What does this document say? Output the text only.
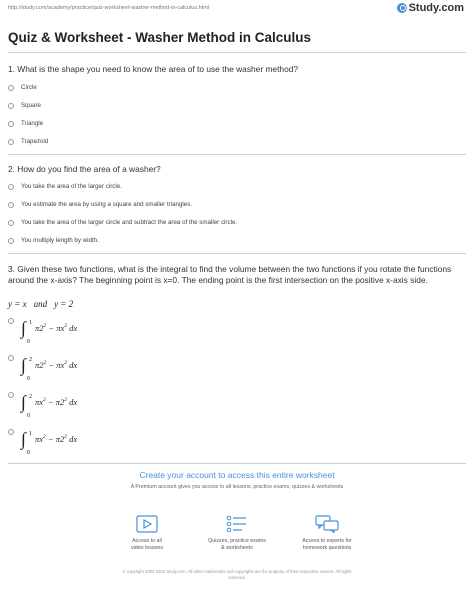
http://study.com/academy/practice/quiz-worksheet-washer-method-in-calculus.html	Study.com
Quiz & Worksheet - Washer Method in Calculus
1. What is the shape you need to know the area of to use the washer method?
Circle
Square
Triangle
Trapezoid
2. How do you find the area of a washer?
You take the area of the larger circle.
You estimate the area by using a square and smaller triangles.
You take the area of the larger circle and subtract the area of the smaller circle.
You multiply length by width.
3. Given these two functions, what is the integral to find the volume between the two functions if you rotate the functions around the x-axis? The beginning point is x=0. The ending point is the first intersection on the positive x-axis side.
y = x and y = 2
∫ 1
0
$\pi 2^2 - \pi x^2$ dx
∫ 2
0
$\pi 2^2 - \pi x^2$ dx
∫ 2
0
$\pi x^2 - \pi 2^2$ dx
∫ 1
0
$\pi x^2 - \pi 2^2$ dx
Create your account to access this entire worksheet
A Premium account gives you access to all lessons, practice exams, quizzes & worksheets
Access to all
video lessons
Quizzes, practice exams
& worksheets
Access to experts for
homework questions
© copyright 2003-2020 Study.com. All other trademarks and copyrights are the property of their respective owners. All rights
reserved.
